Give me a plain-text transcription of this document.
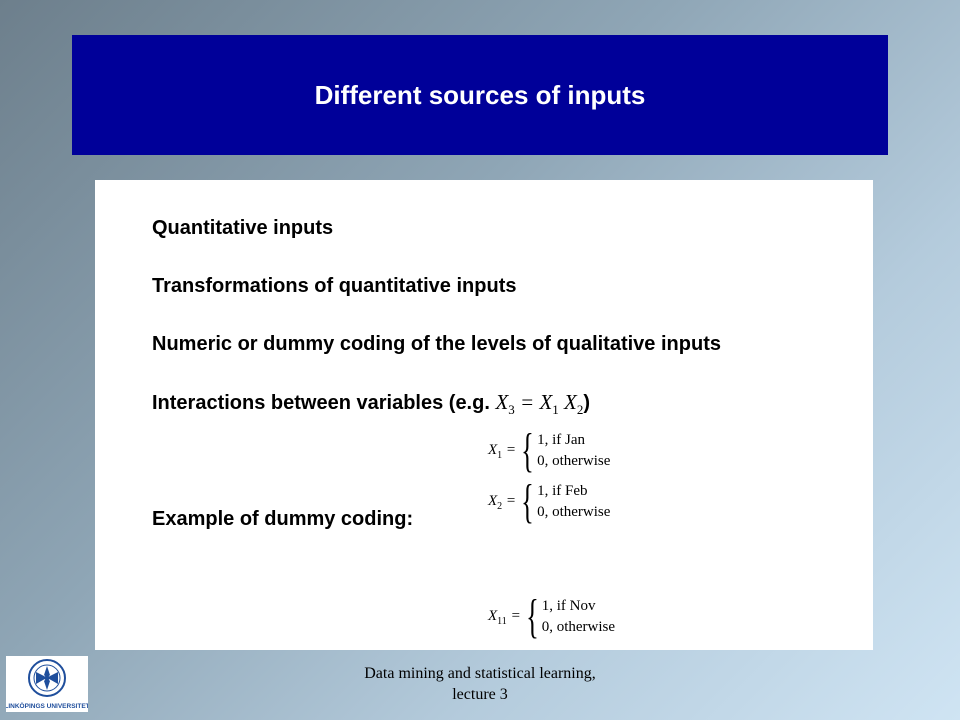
Different sources of inputs
Quantitative inputs
Transformations of quantitative inputs
Numeric or dummy coding of the levels of qualitative inputs
Interactions between variables (e.g. $X_3 = X_1$ $X_2$)
Example of dummy coding:
$X_1$ = { 1, if Jan
0, otherwise
$X_2$ = { 1, if Feb
0, otherwise
$X_{11}$ = { 1, if Nov
0, otherwise
LINKÖPINGS UNIVERSITET
Data mining and statistical learning,
lecture 3
